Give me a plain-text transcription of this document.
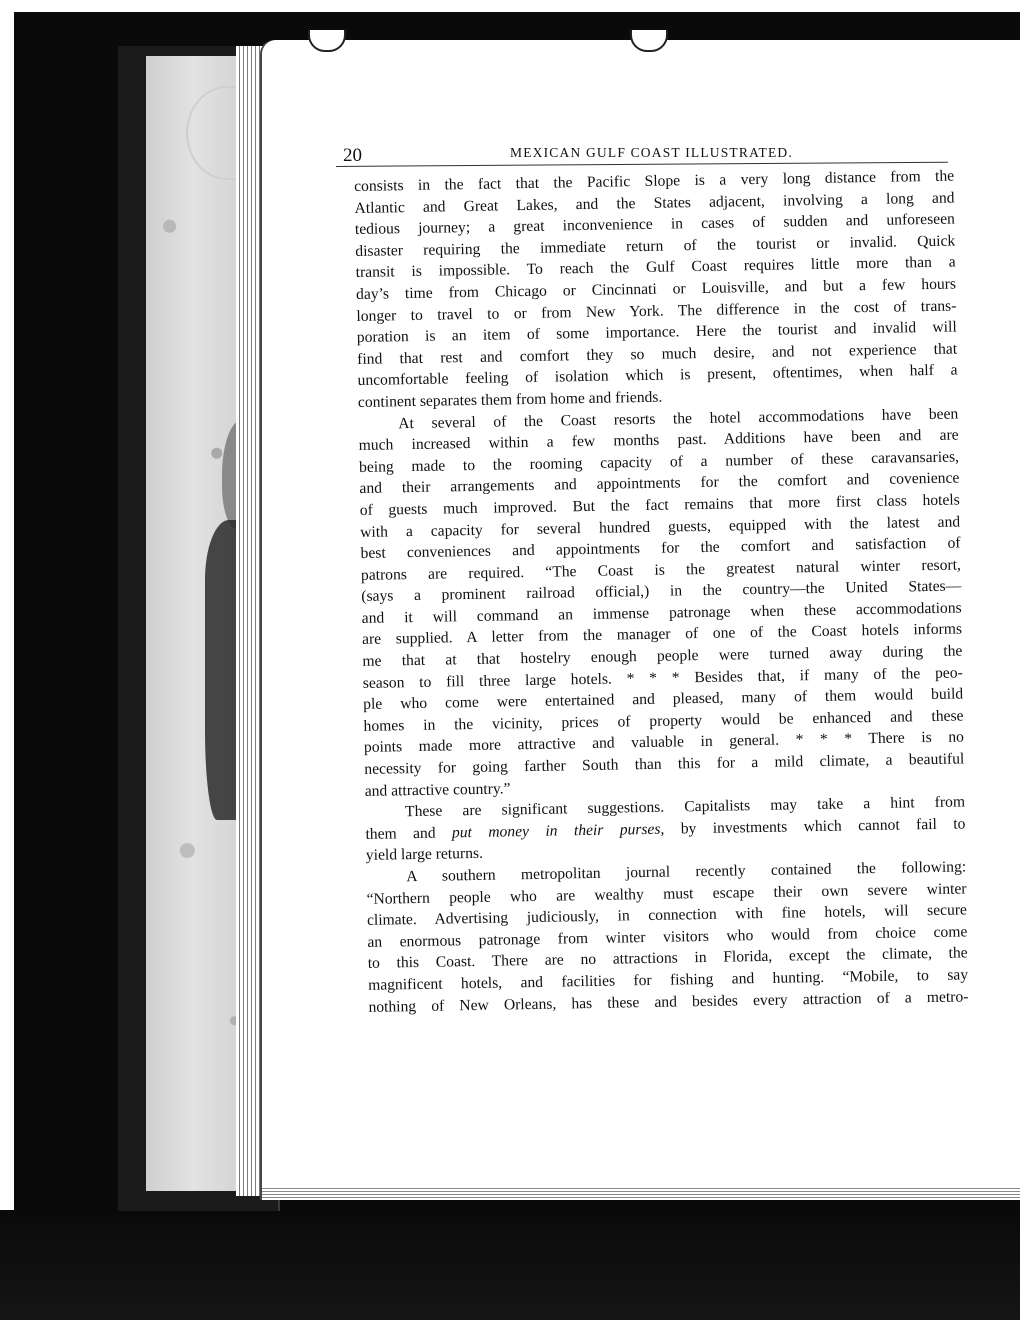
20	MEXICAN GULF COAST ILLUSTRATED.
consists in the fact that the Pacific Slope is a very long distance from the
Atlantic and Great Lakes, and the States adjacent, involving a long and
tedious journey; a great inconvenience in cases of sudden and unforeseen
disaster requiring the immediate return of the tourist or invalid. Quick
transit is impossible. To reach the Gulf Coast requires little more than a
day’s time from Chicago or Cincinnati or Louisville, and but a few hours
longer to travel to or from New York. The difference in the cost of trans-
poration is an item of some importance. Here the tourist and invalid will
find that rest and comfort they so much desire, and not experience that
uncomfortable feeling of isolation which is present, oftentimes, when half a
continent separates them from home and friends.
At several of the Coast resorts the hotel accommodations have been
much increased within a few months past. Additions have been and are
being made to the rooming capacity of a number of these caravansaries,
and their arrangements and appointments for the comfort and covenience
of guests much improved. But the fact remains that more first class hotels
with a capacity for several hundred guests, equipped with the latest and
best conveniences and appointments for the comfort and satisfaction of
patrons are required. “The Coast is the greatest natural winter resort,
(says a prominent railroad official,) in the country—the United States—
and it will command an immense patronage when these accommodations
are supplied. A letter from the manager of one of the Coast hotels informs
me that at that hostelry enough people were turned away during the
season to fill three large hotels. * * * Besides that, if many of the peo-
ple who come were entertained and pleased, many of them would build
homes in the vicinity, prices of property would be enhanced and these
points made more attractive and valuable in general. * * * There is no
necessity for going farther South than this for a mild climate, a beautiful
and attractive country.”
These are significant suggestions. Capitalists may take a hint from
them and put money in their purses, by investments which cannot fail to
yield large returns.
A southern metropolitan journal recently contained the following:
“Northern people who are wealthy must escape their own severe winter
climate. Advertising judiciously, in connection with fine hotels, will secure
an enormous patronage from winter visitors who would from choice come
to this Coast. There are no attractions in Florida, except the climate, the
magnificent hotels, and facilities for fishing and hunting. “Mobile, to say
nothing of New Orleans, has these and besides every attraction of a metro-
